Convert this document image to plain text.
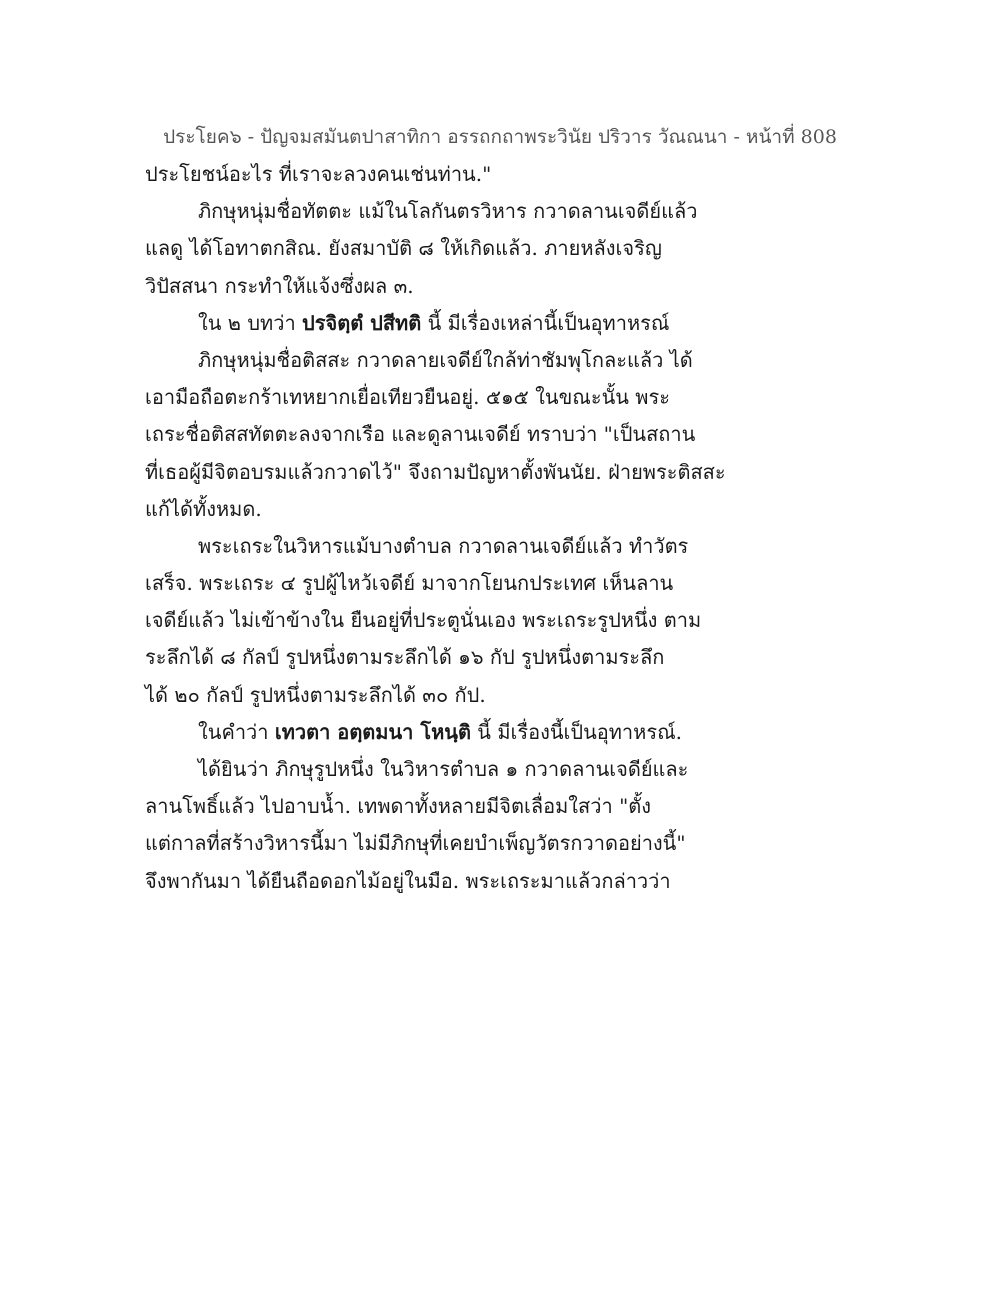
ประโยค๖ - ปัญจมสมันตปาสาทิกา อรรถกถาพระวินัย ปริวาร วัณณนา - หน้าที่ 808
ประโยชน์อะไร ที่เราจะลวงคนเช่นท่าน."
ภิกษุหนุ่มชื่อทัตตะ แม้ในโลกันตรวิหาร กวาดลานเจดีย์แล้ว
แลดู ได้โอทาตกสิณ. ยังสมาบัติ ๘ ให้เกิดแล้ว. ภายหลังเจริญ
วิปัสสนา กระทำให้แจ้งซึ่งผล ๓.
ใน ๒ บทว่า ปรจิตฺตํ ปสีทติ นี้ มีเรื่องเหล่านี้เป็นอุทาหรณ์
ภิกษุหนุ่มชื่อติสสะ กวาดลายเจดีย์ใกล้ท่าชัมพุโกละแล้ว ได้
เอามือถือตะกร้าเทหยากเยื่อเทียวยืนอยู่. ๕๑๕ ในขณะนั้น พระ
เถระชื่อติสสทัตตะลงจากเรือ และดูลานเจดีย์ ทราบว่า "เป็นสถาน
ที่เธอผู้มีจิตอบรมแล้วกวาดไว้" จึงถามปัญหาตั้งพันนัย. ฝ่ายพระติสสะ
แก้ได้ทั้งหมด.
พระเถระในวิหารแม้บางตำบล กวาดลานเจดีย์แล้ว ทำวัตร
เสร็จ. พระเถระ ๔ รูปผู้ไหว้เจดีย์ มาจากโยนกประเทศ เห็นลาน
เจดีย์แล้ว ไม่เข้าข้างใน ยืนอยู่ที่ประตูนั่นเอง พระเถระรูปหนึ่ง ตาม
ระลึกได้ ๘ กัลป์ รูปหนึ่งตามระลึกได้ ๑๖ กัป รูปหนึ่งตามระลึก
ได้ ๒๐ กัลป์ รูปหนึ่งตามระลึกได้ ๓๐ กัป.
ในคำว่า เทวตา อตฺตมนา โหนฺติ นี้ มีเรื่องนี้เป็นอุทาหรณ์.
ได้ยินว่า ภิกษุรูปหนึ่ง ในวิหารตำบล ๑ กวาดลานเจดีย์และ
ลานโพธิ์แล้ว ไปอาบน้ำ. เทพดาทั้งหลายมีจิตเลื่อมใสว่า "ตั้ง
แต่กาลที่สร้างวิหารนี้มา ไม่มีภิกษุที่เคยบำเพ็ญวัตรกวาดอย่างนี้"
จึงพากันมา ได้ยืนถือดอกไม้อยู่ในมือ. พระเถระมาแล้วกล่าวว่า
